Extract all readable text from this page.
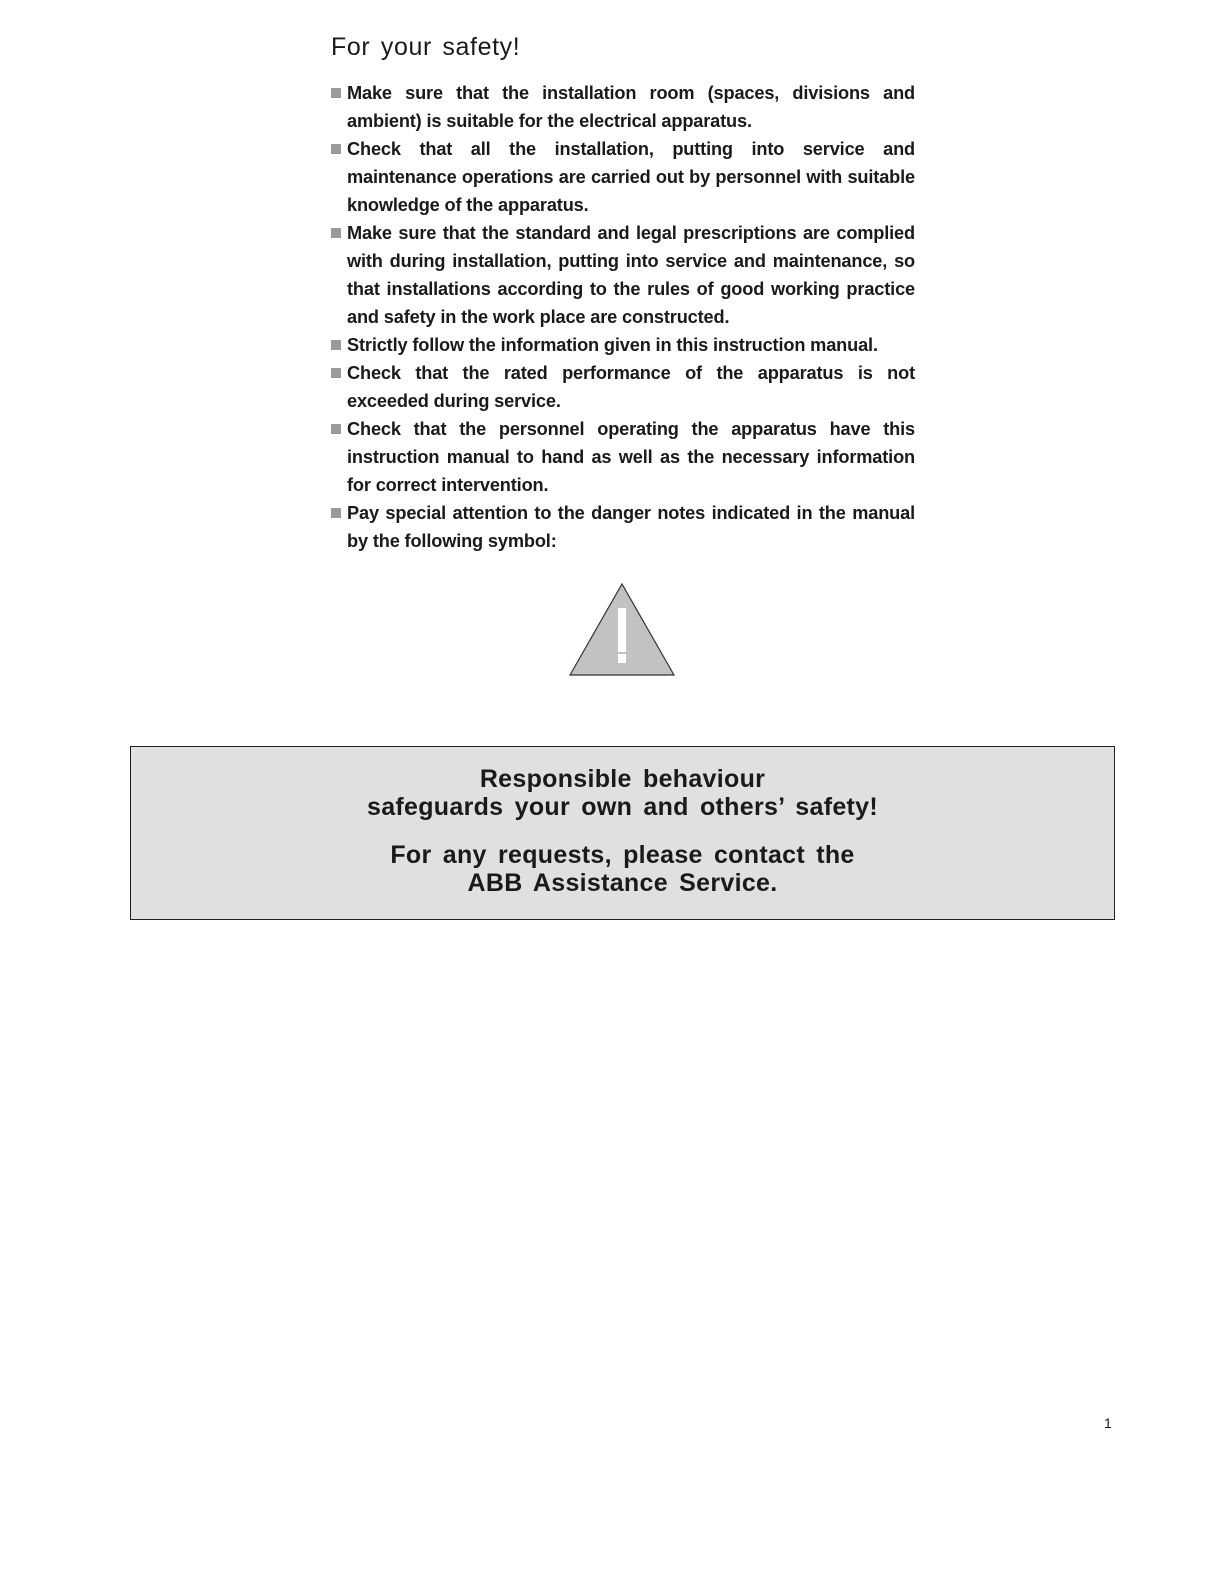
For your safety!
Make sure that the installation room (spaces, divisions and ambient) is suitable for the electrical apparatus.
Check that all the installation, putting into service and maintenance operations are carried out by personnel with suitable knowledge of the apparatus.
Make sure that the standard and legal prescriptions are complied with during installation, putting into service and maintenance, so that installations according to the rules of good working practice and safety in the work place are constructed.
Strictly follow the information given in this instruction manual.
Check that the rated performance of the apparatus is not exceeded during service.
Check that the personnel operating the apparatus have this instruction manual to hand as well as the necessary information for correct intervention.
Pay special attention to the danger notes indicated in the manual by the following symbol:
Responsible behaviour
safeguards your own and others’ safety!
For any requests, please contact the
ABB Assistance Service.
1
